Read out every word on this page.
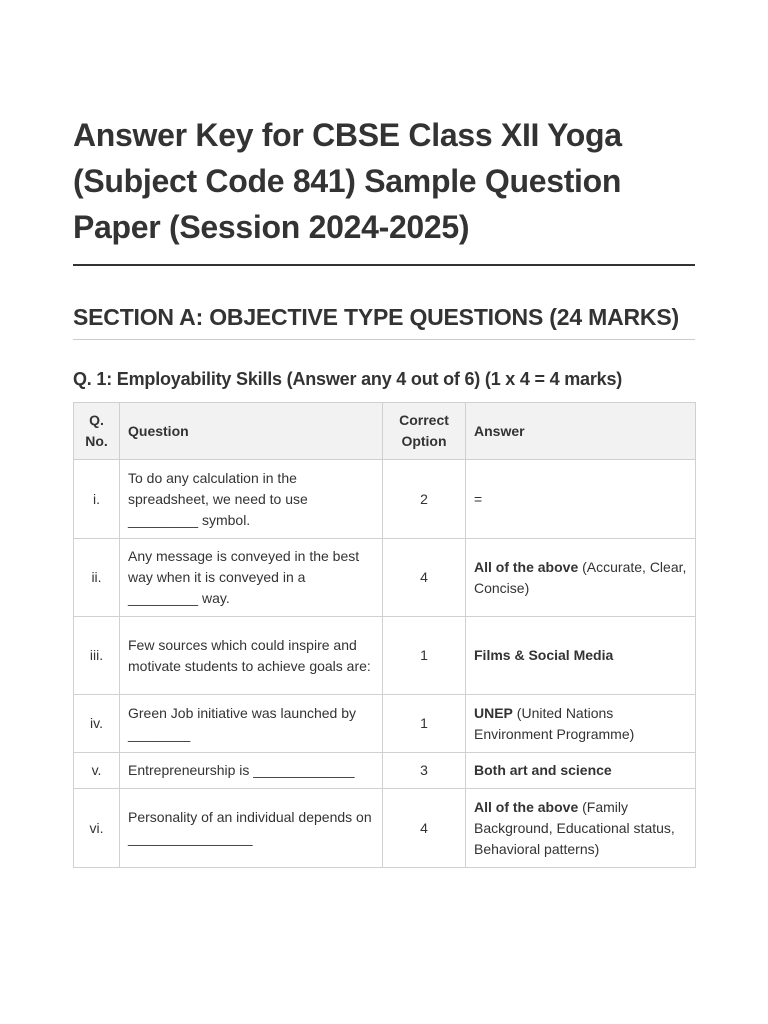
Answer Key for CBSE Class XII Yoga (Subject Code 841) Sample Question Paper (Session 2024-2025)
SECTION A: OBJECTIVE TYPE QUESTIONS (24 MARKS)
Q. 1: Employability Skills (Answer any 4 out of 6) (1 x 4 = 4 marks)
Q. No.	Question	Correct Option	Answer
i.	To do any calculation in the spreadsheet, we need to use _________ symbol.	2	=
ii.	Any message is conveyed in the best way when it is conveyed in a _________ way.	4	All of the above (Accurate, Clear, Concise)
iii.	Few sources which could inspire and motivate students to achieve goals are:	1	Films & Social Media
iv.	Green Job initiative was launched by ________	1	UNEP (United Nations Environment Programme)
v.	Entrepreneurship is _____________	3	Both art and science
vi.	Personality of an individual depends on ________________	4	All of the above (Family Background, Educational status, Behavioral patterns)
